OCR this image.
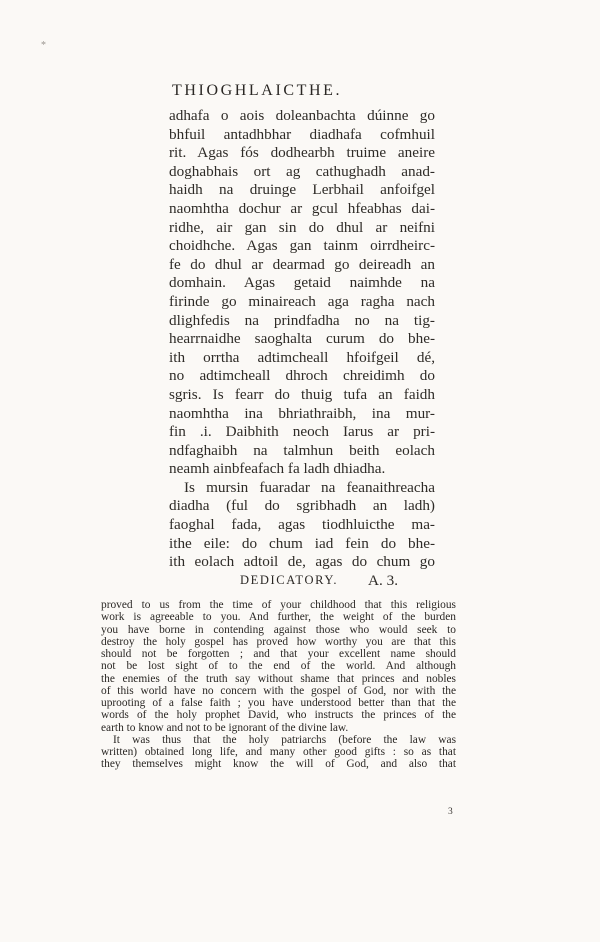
*
THIOGHLAICTHE.
adhafa o aois doleanbachta dúinne go
bhfuil antadhbhar diadhafa cofmhuil
rit. Agas fós dodhearbh truime aneire
doghabhais ort ag cathughadh anad-
haidh na druinge Lerbhail anfoifgel
naomhtha dochur ar gcul hfeabhas dai-
ridhe, air gan sin do dhul ar neifni
choidhche. Agas gan tainm oirrdheirc-
fe do dhul ar dearmad go deireadh an
domhain. Agas getaid naimhde na
firinde go minaireach aga ragha nach
dlighfedis na prindfadha no na tig-
hearrnaidhe saoghalta curum do bhe-
ith orrtha adtimcheall hfoifgeil dé,
no adtimcheall dhroch chreidimh do
sgris. Is fearr do thuig tufa an faidh
naomhtha ina bhriathraibh, ina mur-
fin .i. Daibhith neoch Iarus ar pri-
ndfaghaibh na talmhun beith eolach
neamh ainbfeafach fa ladh dhiadha.
Is mursin fuaradar na feanaithreacha
diadha (ful do sgribhadh an ladh)
faoghal fada, agas tiodhluicthe ma-
ithe eile: do chum iad fein do bhe-
ith eolach adtoil de, agas do chum go
A. 3.
DEDICATORY.
proved to us from the time of your childhood that this religious
work is agreeable to you. And further, the weight of the burden
you have borne in contending against those who would seek to
destroy the holy gospel has proved how worthy you are that this
should not be forgotten ; and that your excellent name should
not be lost sight of to the end of the world. And although
the enemies of the truth say without shame that princes and nobles
of this world have no concern with the gospel of God, nor with the
uprooting of a false faith ; you have understood better than that the
words of the holy prophet David, who instructs the princes of the
earth to know and not to be ignorant of the divine law.
It was thus that the holy patriarchs (before the law was
written) obtained long life, and many other good gifts : so as that
they themselves might know the will of God, and also that
3
